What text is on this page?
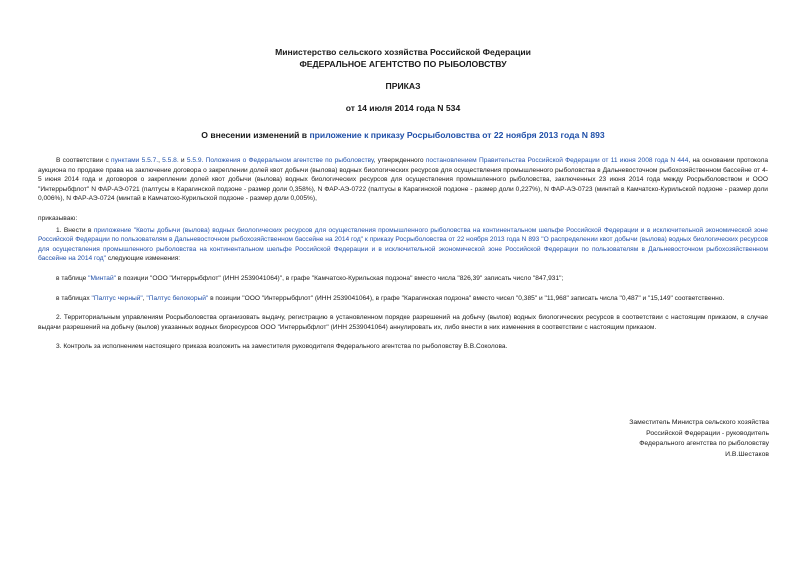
Министерство сельского хозяйства Российской Федерации
ФЕДЕРАЛЬНОЕ АГЕНТСТВО ПО РЫБОЛОВСТВУ
ПРИКАЗ
от 14 июля 2014 года N 534
О внесении изменений в приложение к приказу Росрыболовства от 22 ноября 2013 года N 893

В соответствии с пунктами 5.5.7., 5.5.8. и 5.5.9. Положения о Федеральном агентстве по рыболовству, утвержденного постановлением Правительства Российской Федерации от 11 июня 2008 года N 444, на основании протокола аукциона по продаже права на заключение договора о закреплении долей квот добычи (вылова) водных биологических ресурсов для осуществления промышленного рыболовства в Дальневосточном рыбохозяйственном бассейне от 4-5 июня 2014 года и договоров о закреплении долей квот добычи (вылова) водных биологических ресурсов для осуществления промышленного рыболовства, заключенных 23 июня 2014 года между Росрыболовством и ООО "Интеррыбфлот" N ФАР-АЭ-0721 (палтусы в Карагинской подзоне - размер доли 0,358%), N ФАР-АЭ-0722 (палтусы в Карагинской подзоне - размер доли 0,227%), N ФАР-АЭ-0723 (минтай в Камчатско-Курильской подзоне - размер доли 0,006%), N ФАР-АЭ-0724 (минтай в Камчатско-Курильской подзоне - размер доли 0,005%),

приказываю:

1. Внести в приложение "Квоты добычи (вылова) водных биологических ресурсов для осуществления промышленного рыболовства на континентальном шельфе Российской Федерации и в исключительной экономической зоне Российской Федерации по пользователям в Дальневосточном рыбохозяйственном бассейне на 2014 год" к приказу Росрыболовства от 22 ноября 2013 года N 893 "О распределении квот добычи (вылова) водных биологических ресурсов для осуществления промышленного рыболовства на континентальном шельфе Российской Федерации и в исключительной экономической зоне Российской Федерации по пользователям в Дальневосточном рыбохозяйственном бассейне на 2014 год" следующие изменения:

в таблице "Минтай" в позиции "ООО "Интеррыбфлот" (ИНН 2539041064)", в графе "Камчатско-Курильская подзона" вместо числа "826,39" записать число "847,931";

в таблицах "Палтус черный", "Палтус белокорый" в позиции "ООО "Интеррыбфлот" (ИНН 2539041064), в графе "Карагинская подзона" вместо чисел "0,385" и "11,968" записать числа "0,487" и "15,149" соответственно.

2. Территориальным управлениям Росрыболовства организовать выдачу, регистрацию в установленном порядке разрешений на добычу (вылов) водных биологических ресурсов в соответствии с настоящим приказом, в случае выдачи разрешений на добычу (вылов) указанных водных биоресурсов ООО "Интеррыбфлот" (ИНН 2539041064) аннулировать их, либо внести в них изменения в соответствии с настоящим приказом.

3. Контроль за исполнением настоящего приказа возложить на заместителя руководителя Федерального агентства по рыболовству В.В.Соколова.

Заместитель Министра сельского хозяйства
Российской Федерации - руководитель
Федерального агентства по рыболовству
И.В.Шестаков
